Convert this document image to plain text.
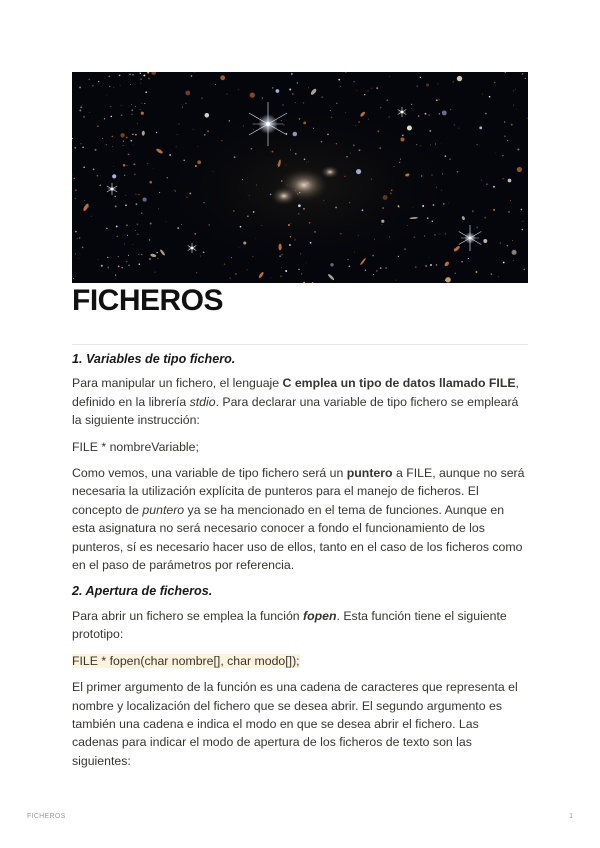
FICHEROS
1. Variables de tipo fichero.

Para manipular un fichero, el lenguaje C emplea un tipo de datos llamado FILE, definido en la librería stdio. Para declarar una variable de tipo fichero se empleará la siguiente instrucción:

FILE * nombreVariable;

Como vemos, una variable de tipo fichero será un puntero a FILE, aunque no será necesaria la utilización explícita de punteros para el manejo de ficheros. El concepto de puntero ya se ha mencionado en el tema de funciones. Aunque en esta asignatura no será necesario conocer a fondo el funcionamiento de los punteros, sí es necesario hacer uso de ellos, tanto en el caso de los ficheros como en el paso de parámetros por referencia.

2. Apertura de ficheros.

Para abrir un fichero se emplea la función fopen. Esta función tiene el siguiente prototipo:

FILE * fopen(char nombre[], char modo[]);

El primer argumento de la función es una cadena de caracteres que representa el nombre y localización del fichero que se desea abrir. El segundo argumento es también una cadena e indica el modo en que se desea abrir el fichero. Las cadenas para indicar el modo de apertura de los ficheros de texto son las siguientes:

FICHEROS	1
